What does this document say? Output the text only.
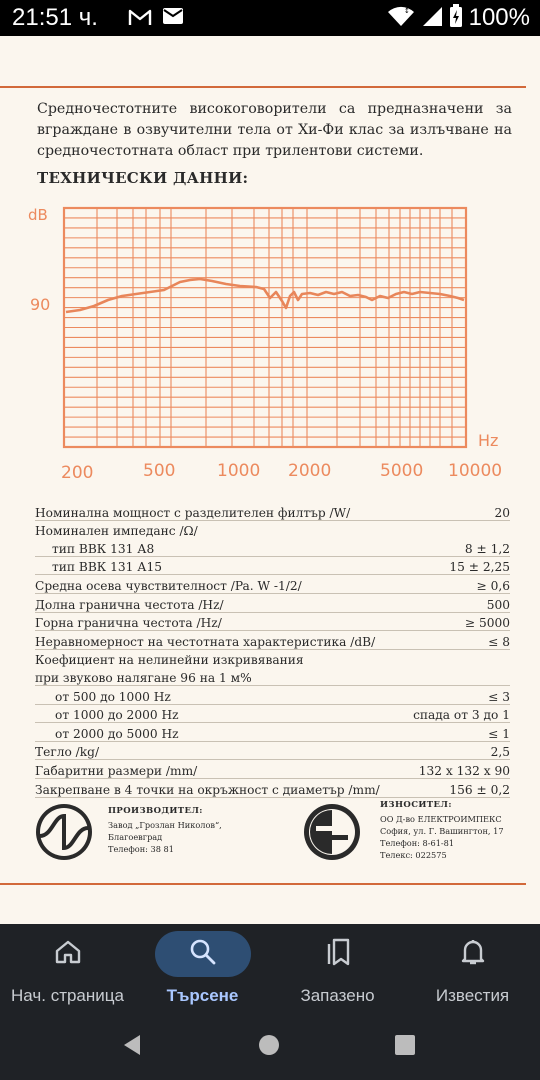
21:51 ч.	↕ 100%

Средночестотните високоговорители са предназначени за вграждане в озвучителни тела от Хи-Фи клас за излъчване на средночестотната област при трилентови системи.

ТЕХНИЧЕСКИ ДАННИ:

dB
90
Hz
200	500 1000 2000	5000 10000
Номинална мощност с разделителен филтър /W/	20
Номинален импеданс /Ω/
тип ВВК 131 А8	8 ± 1,2
тип ВВК 131 А15	15 ± 2,25
Средна осева чувствителност /Pa. W -1/2/	≥ 0,6
Долна гранична честота /Hz/	500
Горна гранична честота /Hz/	≥ 5000
Неравномерност на честотната характеристика /dB/	≤ 8
Коефициент на нелинейни изкривявания
при звуково налягане 96 на 1 м%
от 500 до 1000 Hz	≤ 3
от 1000 до 2000 Hz	спада от 3 до 1
от 2000 до 5000 Hz	≤ 1
Тегло /kg/	2,5
Габаритни размери /mm/	132 x 132 x 90
Закрепване в 4 точки на окръжност с диаметър /mm/	156 ± 0,2
ПРОИЗВОДИТЕЛ:
Завод „Грозлан Николов“,
Благоевград
Телефон: 38 81
ИЗНОСИТЕЛ:
ОО Д-во ЕЛЕКТРОИМПЕКС
София, ул. Г. Вашингтон, 17
Телефон: 8-61-81
Телекс: 022575
Нач. страница	Търсене	Запазено	Известия
